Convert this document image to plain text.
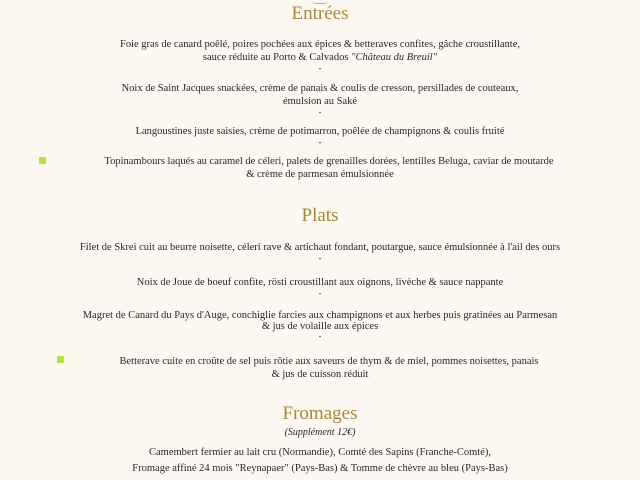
Entrées
Foie gras de canard poêlé, poires pochées aux épices & betteraves confites, gâche croustillante,
sauce réduite au Porto & Calvados "Château du Breuil"
-
Noix de Saint Jacques snackées, crème de panais & coulis de cresson, persillades de couteaux,
émulsion au Saké
-
Langoustines juste saisies, crème de potimarron, poêlée de champignons & coulis fruité
-
Topinambours laqués au caramel de céleri, palets de grenailles dorées, lentilles Beluga, caviar de moutarde
& crème de parmesan émulsionnée
Plats
Filet de Skrei cuit au beurre noisette, céleri rave & artichaut fondant, poutargue, sauce émulsionnée à l'ail des ours
-
Noix de Joue de boeuf confite, rösti croustillant aux oignons, livèche & sauce nappante
-
Magret de Canard du Pays d'Auge, conchiglie farcies aux champignons et aux herbes puis gratinées au Parmesan
& jus de volaille aux épices
-
Betterave cuite en croûte de sel puis rôtie aux saveurs de thym & de miel, pommes noisettes, panais
& jus de cuisson réduit
Fromages
(Supplément 12€)
Camembert fermier au lait cru (Normandie), Comté des Sapins (Franche-Comté),
Fromage affiné 24 mois "Reynapaer" (Pays-Bas) & Tomme de chèvre au bleu (Pays-Bas)
